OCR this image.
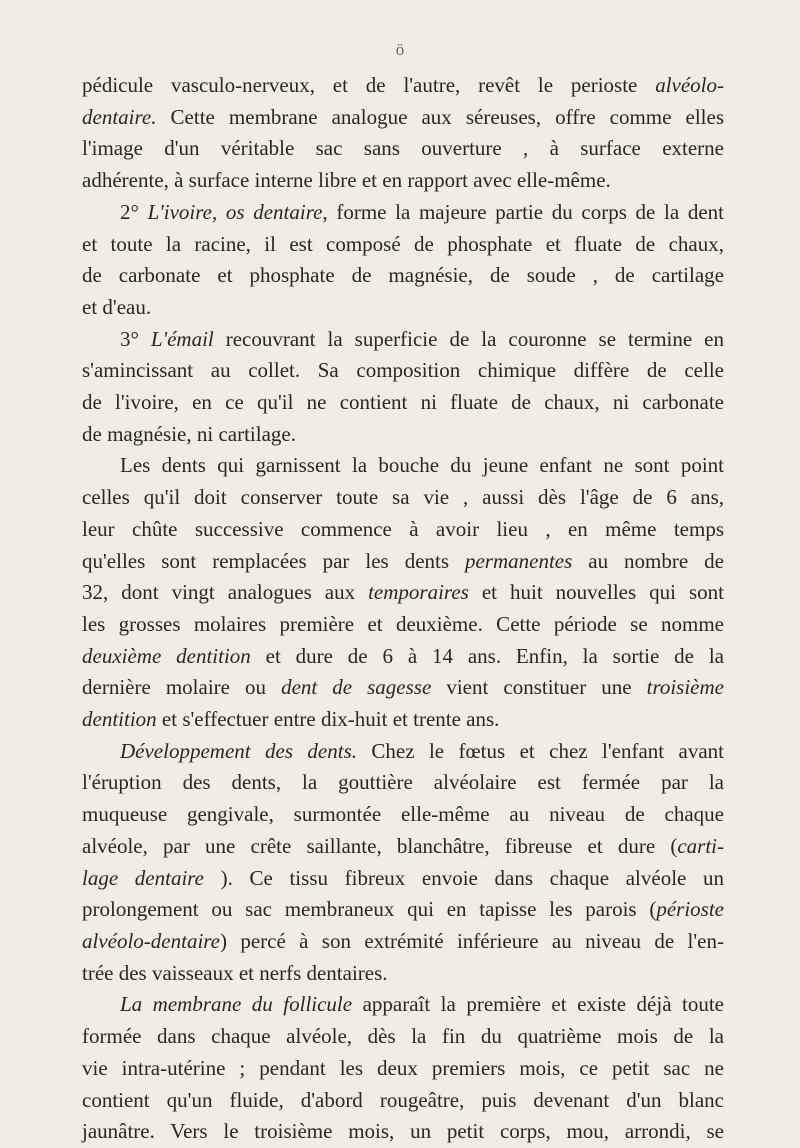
ö
pédicule vasculo-nerveux, et de l'autre, revêt le perioste alvéolo-
dentaire. Cette membrane analogue aux séreuses, offre comme elles
l'image d'un véritable sac sans ouverture , à surface externe
adhérente, à surface interne libre et en rapport avec elle-même.
2° L'ivoire, os dentaire, forme la majeure partie du corps de la dent
et toute la racine, il est composé de phosphate et fluate de chaux,
de carbonate et phosphate de magnésie, de soude , de cartilage
et d'eau.
3° L'émail recouvrant la superficie de la couronne se termine en
s'amincissant au collet. Sa composition chimique diffère de celle
de l'ivoire, en ce qu'il ne contient ni fluate de chaux, ni carbonate
de magnésie, ni cartilage.
Les dents qui garnissent la bouche du jeune enfant ne sont point
celles qu'il doit conserver toute sa vie , aussi dès l'âge de 6 ans,
leur chûte successive commence à avoir lieu , en même temps
qu'elles sont remplacées par les dents permanentes au nombre de
32, dont vingt analogues aux temporaires et huit nouvelles qui sont
les grosses molaires première et deuxième. Cette période se nomme
deuxième dentition et dure de 6 à 14 ans. Enfin, la sortie de la
dernière molaire ou dent de sagesse vient constituer une troisième
dentition et s'effectuer entre dix-huit et trente ans.
Développement des dents. Chez le fœtus et chez l'enfant avant
l'éruption des dents, la gouttière alvéolaire est fermée par la
muqueuse gengivale, surmontée elle-même au niveau de chaque
alvéole, par une crête saillante, blanchâtre, fibreuse et dure (carti-
lage dentaire ). Ce tissu fibreux envoie dans chaque alvéole un
prolongement ou sac membraneux qui en tapisse les parois (périoste
alvéolo-dentaire) percé à son extrémité inférieure au niveau de l'en-
trée des vaisseaux et nerfs dentaires.
La membrane du follicule apparaît la première et existe déjà toute
formée dans chaque alvéole, dès la fin du quatrième mois de la
vie intra-utérine ; pendant les deux premiers mois, ce petit sac ne
contient qu'un fluide, d'abord rougeâtre, puis devenant d'un blanc
jaunâtre. Vers le troisième mois, un petit corps, mou, arrondi, se
